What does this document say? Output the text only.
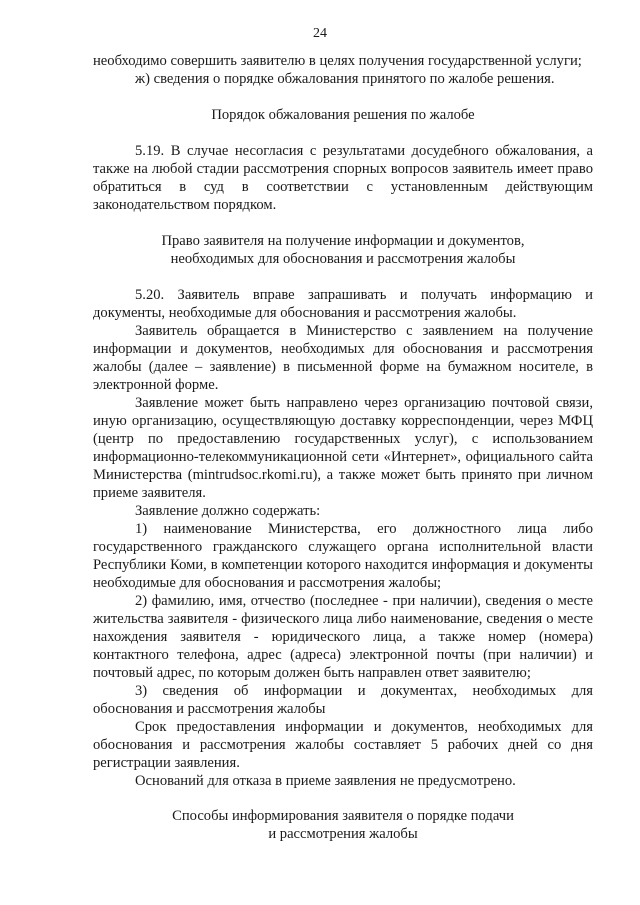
24

необходимо совершить заявителю в целях получения государственной услуги;

ж) сведения о порядке обжалования принятого по жалобе решения.

Порядок обжалования решения по жалобе

5.19. В случае несогласия с результатами досудебного обжалования, а также на любой стадии рассмотрения спорных вопросов заявитель имеет право обратиться в суд в соответствии с установленным действующим законодательством порядком.

Право заявителя на получение информации и документов,

необходимых для обоснования и рассмотрения жалобы

5.20. Заявитель вправе запрашивать и получать информацию и документы, необходимые для обоснования и рассмотрения жалобы.

Заявитель обращается в Министерство с заявлением на получение информации и документов, необходимых для обоснования и рассмотрения жалобы (далее – заявление) в письменной форме на бумажном носителе, в электронной форме.

Заявление может быть направлено через организацию почтовой связи, иную организацию, осуществляющую доставку корреспонденции, через МФЦ (центр по предоставлению государственных услуг), с использованием информационно-телекоммуникационной сети «Интернет», официального сайта Министерства (mintrudsoc.rkomi.ru), а также может быть принято при личном приеме заявителя.

Заявление должно содержать:

1) наименование Министерства, его должностного лица либо государственного гражданского служащего органа исполнительной власти Республики Коми, в компетенции которого находится информация и документы необходимые для обоснования и рассмотрения жалобы;

2) фамилию, имя, отчество (последнее - при наличии), сведения о месте жительства заявителя - физического лица либо наименование, сведения о месте нахождения заявителя - юридического лица, а также номер (номера) контактного телефона, адрес (адреса) электронной почты (при наличии) и почтовый адрес, по которым должен быть направлен ответ заявителю;

3) сведения об информации и документах, необходимых для обоснования и рассмотрения жалобы

Срок предоставления информации и документов, необходимых для обоснования и рассмотрения жалобы составляет 5 рабочих дней со дня регистрации заявления.

Оснований для отказа в приеме заявления не предусмотрено.

Способы информирования заявителя о порядке подачи

и рассмотрения жалобы
